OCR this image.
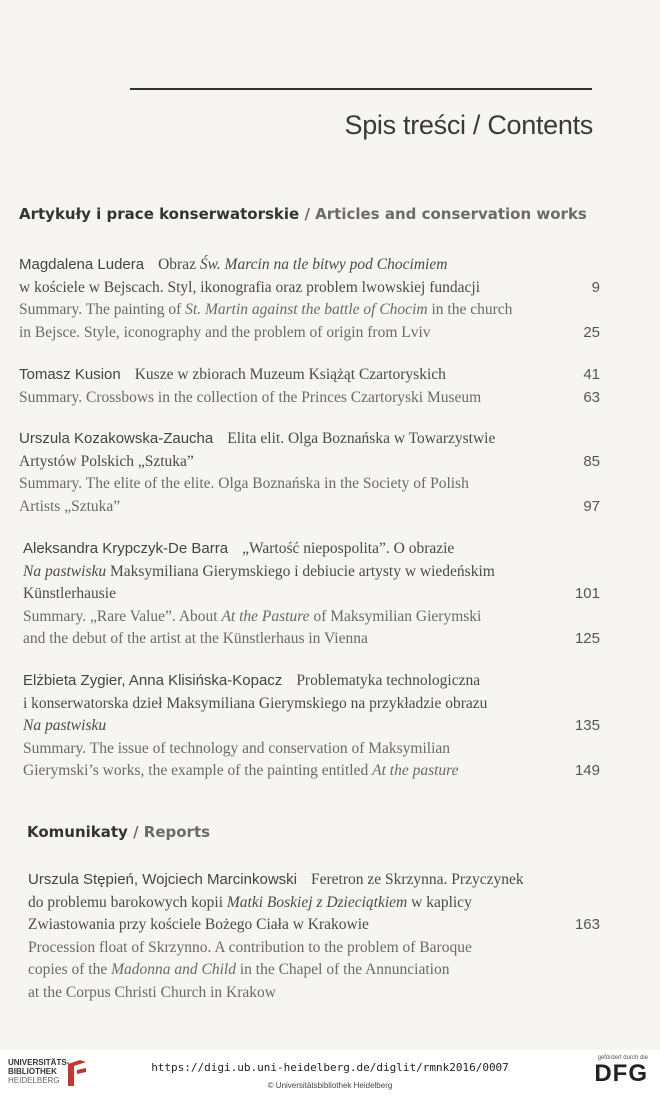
Spis treści / Contents
Artykuły i prace konserwatorskie / Articles and conservation works
Komunikaty / Reports
Magdalena Ludera Obraz Św. Marcin na tle bitwy pod Chocimiem
w kościele w Bejscach. Styl, ikonografia oraz problem lwowskiej fundacji	9
Summary. The painting of St. Martin against the battle of Chocim in the church
in Bejsce. Style, iconography and the problem of origin from Lviv	25
Tomasz Kusion Kusze w zbiorach Muzeum Książąt Czartoryskich	41
Summary. Crossbows in the collection of the Princes Czartoryski Museum	63
Urszula Kozakowska-Zaucha Elita elit. Olga Boznańska w Towarzystwie
Artystów Polskich „Sztuka”	85
Summary. The elite of the elite. Olga Boznańska in the Society of Polish
Artists „Sztuka”	97
Aleksandra Krypczyk-De Barra „Wartość niepospolita”. O obrazie
Na pastwisku Maksymiliana Gierymskiego i debiucie artysty w wiedeńskim
Künstlerhausie	101
Summary. „Rare Value”. About At the Pasture of Maksymilian Gierymski
and the debut of the artist at the Künstlerhaus in Vienna	125
Elżbieta Zygier, Anna Klisińska-Kopacz Problematyka technologiczna
i konserwatorska dzieł Maksymiliana Gierymskiego na przykładzie obrazu
Na pastwisku	135
Summary. The issue of technology and conservation of Maksymilian
Gierymski’s works, the example of the painting entitled At the pasture	149
Urszula Stępień, Wojciech Marcinkowski Feretron ze Skrzynna. Przyczynek
do problemu barokowych kopii Matki Boskiej z Dzieciątkiem w kaplicy
Zwiastowania przy kościele Bożego Ciała w Krakowie	163
Procession float of Skrzynno. A contribution to the problem of Baroque
copies of the Madonna and Child in the Chapel of the Annunciation
at the Corpus Christi Church in Krakow
UNIVERSITÄTS-
BIBLIOTHEK
HEIDELBERG
https://digi.ub.uni-heidelberg.de/diglit/rmnk2016/0007
© Universitätsbibliothek Heidelberg
gefördert durch die
DFG
